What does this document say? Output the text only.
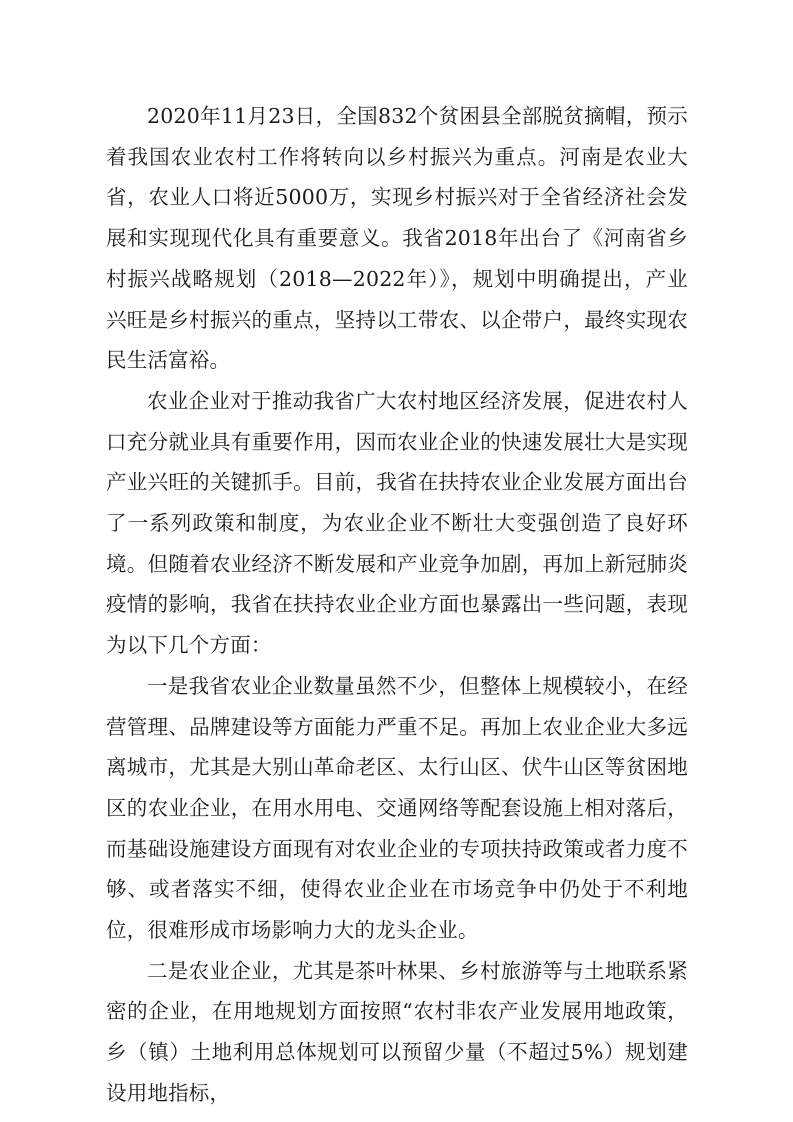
2020年11月23日，全国832个贫困县全部脱贫摘帽，预示着我国农业农村工作将转向以乡村振兴为重点。河南是农业大省，农业人口将近5000万，实现乡村振兴对于全省经济社会发展和实现现代化具有重要意义。我省2018年出台了《河南省乡村振兴战略规划（2018—2022年）》，规划中明确提出，产业兴旺是乡村振兴的重点，坚持以工带农、以企带户，最终实现农民生活富裕。

农业企业对于推动我省广大农村地区经济发展，促进农村人口充分就业具有重要作用，因而农业企业的快速发展壮大是实现产业兴旺的关键抓手。目前，我省在扶持农业企业发展方面出台了一系列政策和制度，为农业企业不断壮大变强创造了良好环境。但随着农业经济不断发展和产业竞争加剧，再加上新冠肺炎疫情的影响，我省在扶持农业企业方面也暴露出一些问题，表现为以下几个方面：

一是我省农业企业数量虽然不少，但整体上规模较小，在经营管理、品牌建设等方面能力严重不足。再加上农业企业大多远离城市，尤其是大别山革命老区、太行山区、伏牛山区等贫困地区的农业企业，在用水用电、交通网络等配套设施上相对落后，而基础设施建设方面现有对农业企业的专项扶持政策或者力度不够、或者落实不细，使得农业企业在市场竞争中仍处于不利地位，很难形成市场影响力大的龙头企业。

二是农业企业，尤其是茶叶林果、乡村旅游等与土地联系紧密的企业，在用地规划方面按照“农村非农产业发展用地政策，乡（镇）土地利用总体规划可以预留少量（不超过5%）规划建设用地指标，
